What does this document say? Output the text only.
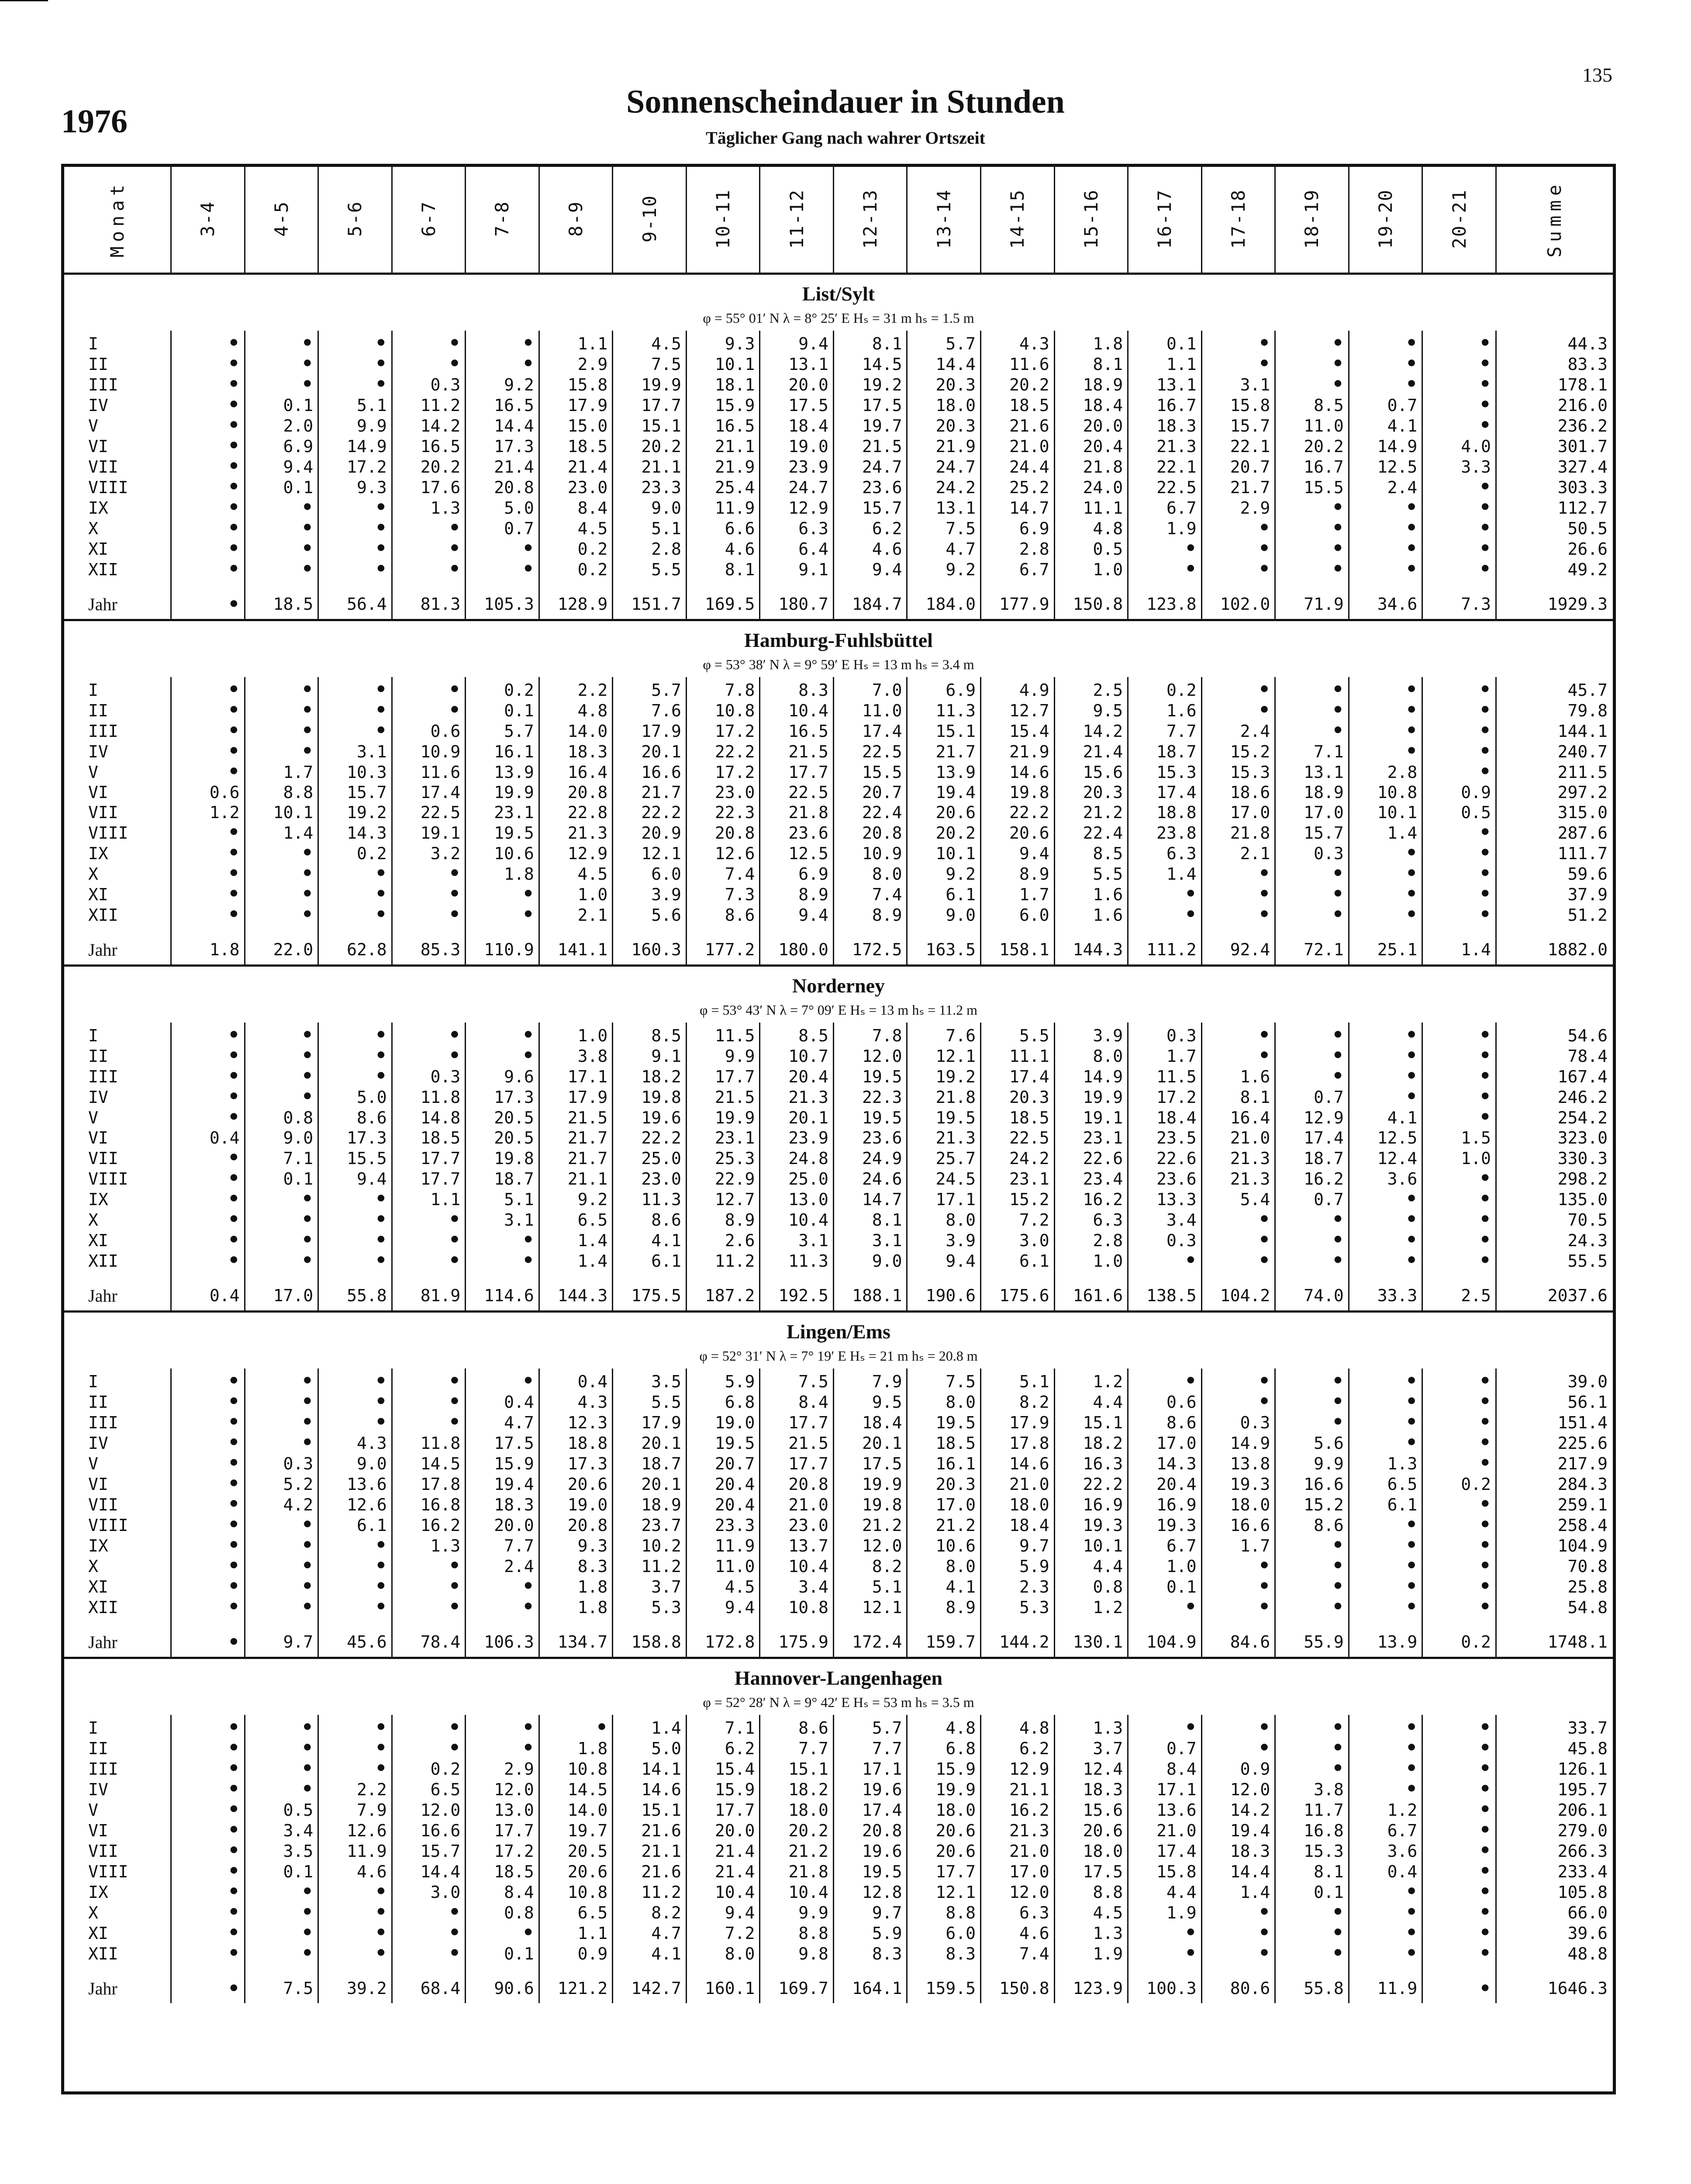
135
1976
Sonnenscheindauer in Stunden
Täglicher Gang nach wahrer Ortszeit
Monat	3-4	4-5	5-6	6-7	7-8	8-9	9-10	10-11	11-12	12-13	13-14	14-15	15-16	16-17	17-18	18-19	19-20	20-21	Summe
List/Sylt																			
φ = 55° 01′ N λ = 8° 25′ E Hₛ = 31 m hₛ = 1.5 m																			
I	•	•	•	•	•	1.1	4.5	9.3	9.4	8.1	5.7	4.3	1.8	0.1	•	•	•	•	44.3
II	•	•	•	•	•	2.9	7.5	10.1	13.1	14.5	14.4	11.6	8.1	1.1	•	•	•	•	83.3
III	•	•	•	0.3	9.2	15.8	19.9	18.1	20.0	19.2	20.3	20.2	18.9	13.1	3.1	•	•	•	178.1
IV	•	0.1	5.1	11.2	16.5	17.9	17.7	15.9	17.5	17.5	18.0	18.5	18.4	16.7	15.8	8.5	0.7	•	216.0
V	•	2.0	9.9	14.2	14.4	15.0	15.1	16.5	18.4	19.7	20.3	21.6	20.0	18.3	15.7	11.0	4.1	•	236.2
VI	•	6.9	14.9	16.5	17.3	18.5	20.2	21.1	19.0	21.5	21.9	21.0	20.4	21.3	22.1	20.2	14.9	4.0	301.7
VII	•	9.4	17.2	20.2	21.4	21.4	21.1	21.9	23.9	24.7	24.7	24.4	21.8	22.1	20.7	16.7	12.5	3.3	327.4
VIII	•	0.1	9.3	17.6	20.8	23.0	23.3	25.4	24.7	23.6	24.2	25.2	24.0	22.5	21.7	15.5	2.4	•	303.3
IX	•	•	•	1.3	5.0	8.4	9.0	11.9	12.9	15.7	13.1	14.7	11.1	6.7	2.9	•	•	•	112.7
X	•	•	•	•	0.7	4.5	5.1	6.6	6.3	6.2	7.5	6.9	4.8	1.9	•	•	•	•	50.5
XI	•	•	•	•	•	0.2	2.8	4.6	6.4	4.6	4.7	2.8	0.5	•	•	•	•	•	26.6
XII	•	•	•	•	•	0.2	5.5	8.1	9.1	9.4	9.2	6.7	1.0	•	•	•	•	•	49.2

Jahr	•	18.5	56.4	81.3	105.3	128.9	151.7	169.5	180.7	184.7	184.0	177.9	150.8	123.8	102.0	71.9	34.6	7.3	1929.3
Hamburg-Fuhlsbüttel																			
φ = 53° 38′ N λ = 9° 59′ E Hₛ = 13 m hₛ = 3.4 m																			
I	•	•	•	•	0.2	2.2	5.7	7.8	8.3	7.0	6.9	4.9	2.5	0.2	•	•	•	•	45.7
II	•	•	•	•	0.1	4.8	7.6	10.8	10.4	11.0	11.3	12.7	9.5	1.6	•	•	•	•	79.8
III	•	•	•	0.6	5.7	14.0	17.9	17.2	16.5	17.4	15.1	15.4	14.2	7.7	2.4	•	•	•	144.1
IV	•	•	3.1	10.9	16.1	18.3	20.1	22.2	21.5	22.5	21.7	21.9	21.4	18.7	15.2	7.1	•	•	240.7
V	•	1.7	10.3	11.6	13.9	16.4	16.6	17.2	17.7	15.5	13.9	14.6	15.6	15.3	15.3	13.1	2.8	•	211.5
VI	0.6	8.8	15.7	17.4	19.9	20.8	21.7	23.0	22.5	20.7	19.4	19.8	20.3	17.4	18.6	18.9	10.8	0.9	297.2
VII	1.2	10.1	19.2	22.5	23.1	22.8	22.2	22.3	21.8	22.4	20.6	22.2	21.2	18.8	17.0	17.0	10.1	0.5	315.0
VIII	•	1.4	14.3	19.1	19.5	21.3	20.9	20.8	23.6	20.8	20.2	20.6	22.4	23.8	21.8	15.7	1.4	•	287.6
IX	•	•	0.2	3.2	10.6	12.9	12.1	12.6	12.5	10.9	10.1	9.4	8.5	6.3	2.1	0.3	•	•	111.7
X	•	•	•	•	1.8	4.5	6.0	7.4	6.9	8.0	9.2	8.9	5.5	1.4	•	•	•	•	59.6
XI	•	•	•	•	•	1.0	3.9	7.3	8.9	7.4	6.1	1.7	1.6	•	•	•	•	•	37.9
XII	•	•	•	•	•	2.1	5.6	8.6	9.4	8.9	9.0	6.0	1.6	•	•	•	•	•	51.2

Jahr	1.8	22.0	62.8	85.3	110.9	141.1	160.3	177.2	180.0	172.5	163.5	158.1	144.3	111.2	92.4	72.1	25.1	1.4	1882.0
Norderney																			
φ = 53° 43′ N λ = 7° 09′ E Hₛ = 13 m hₛ = 11.2 m																			
I	•	•	•	•	•	1.0	8.5	11.5	8.5	7.8	7.6	5.5	3.9	0.3	•	•	•	•	54.6
II	•	•	•	•	•	3.8	9.1	9.9	10.7	12.0	12.1	11.1	8.0	1.7	•	•	•	•	78.4
III	•	•	•	0.3	9.6	17.1	18.2	17.7	20.4	19.5	19.2	17.4	14.9	11.5	1.6	•	•	•	167.4
IV	•	•	5.0	11.8	17.3	17.9	19.8	21.5	21.3	22.3	21.8	20.3	19.9	17.2	8.1	0.7	•	•	246.2
V	•	0.8	8.6	14.8	20.5	21.5	19.6	19.9	20.1	19.5	19.5	18.5	19.1	18.4	16.4	12.9	4.1	•	254.2
VI	0.4	9.0	17.3	18.5	20.5	21.7	22.2	23.1	23.9	23.6	21.3	22.5	23.1	23.5	21.0	17.4	12.5	1.5	323.0
VII	•	7.1	15.5	17.7	19.8	21.7	25.0	25.3	24.8	24.9	25.7	24.2	22.6	22.6	21.3	18.7	12.4	1.0	330.3
VIII	•	0.1	9.4	17.7	18.7	21.1	23.0	22.9	25.0	24.6	24.5	23.1	23.4	23.6	21.3	16.2	3.6	•	298.2
IX	•	•	•	1.1	5.1	9.2	11.3	12.7	13.0	14.7	17.1	15.2	16.2	13.3	5.4	0.7	•	•	135.0
X	•	•	•	•	3.1	6.5	8.6	8.9	10.4	8.1	8.0	7.2	6.3	3.4	•	•	•	•	70.5
XI	•	•	•	•	•	1.4	4.1	2.6	3.1	3.1	3.9	3.0	2.8	0.3	•	•	•	•	24.3
XII	•	•	•	•	•	1.4	6.1	11.2	11.3	9.0	9.4	6.1	1.0	•	•	•	•	•	55.5

Jahr	0.4	17.0	55.8	81.9	114.6	144.3	175.5	187.2	192.5	188.1	190.6	175.6	161.6	138.5	104.2	74.0	33.3	2.5	2037.6
Lingen/Ems																			
φ = 52° 31′ N λ = 7° 19′ E Hₛ = 21 m hₛ = 20.8 m																			
I	•	•	•	•	•	0.4	3.5	5.9	7.5	7.9	7.5	5.1	1.2	•	•	•	•	•	39.0
II	•	•	•	•	0.4	4.3	5.5	6.8	8.4	9.5	8.0	8.2	4.4	0.6	•	•	•	•	56.1
III	•	•	•	•	4.7	12.3	17.9	19.0	17.7	18.4	19.5	17.9	15.1	8.6	0.3	•	•	•	151.4
IV	•	•	4.3	11.8	17.5	18.8	20.1	19.5	21.5	20.1	18.5	17.8	18.2	17.0	14.9	5.6	•	•	225.6
V	•	0.3	9.0	14.5	15.9	17.3	18.7	20.7	17.7	17.5	16.1	14.6	16.3	14.3	13.8	9.9	1.3	•	217.9
VI	•	5.2	13.6	17.8	19.4	20.6	20.1	20.4	20.8	19.9	20.3	21.0	22.2	20.4	19.3	16.6	6.5	0.2	284.3
VII	•	4.2	12.6	16.8	18.3	19.0	18.9	20.4	21.0	19.8	17.0	18.0	16.9	16.9	18.0	15.2	6.1	•	259.1
VIII	•	•	6.1	16.2	20.0	20.8	23.7	23.3	23.0	21.2	21.2	18.4	19.3	19.3	16.6	8.6	•	•	258.4
IX	•	•	•	1.3	7.7	9.3	10.2	11.9	13.7	12.0	10.6	9.7	10.1	6.7	1.7	•	•	•	104.9
X	•	•	•	•	2.4	8.3	11.2	11.0	10.4	8.2	8.0	5.9	4.4	1.0	•	•	•	•	70.8
XI	•	•	•	•	•	1.8	3.7	4.5	3.4	5.1	4.1	2.3	0.8	0.1	•	•	•	•	25.8
XII	•	•	•	•	•	1.8	5.3	9.4	10.8	12.1	8.9	5.3	1.2	•	•	•	•	•	54.8

Jahr	•	9.7	45.6	78.4	106.3	134.7	158.8	172.8	175.9	172.4	159.7	144.2	130.1	104.9	84.6	55.9	13.9	0.2	1748.1
Hannover-Langenhagen																			
φ = 52° 28′ N λ = 9° 42′ E Hₛ = 53 m hₛ = 3.5 m																			
I	•	•	•	•	•	•	1.4	7.1	8.6	5.7	4.8	4.8	1.3	•	•	•	•	•	33.7
II	•	•	•	•	•	1.8	5.0	6.2	7.7	7.7	6.8	6.2	3.7	0.7	•	•	•	•	45.8
III	•	•	•	0.2	2.9	10.8	14.1	15.4	15.1	17.1	15.9	12.9	12.4	8.4	0.9	•	•	•	126.1
IV	•	•	2.2	6.5	12.0	14.5	14.6	15.9	18.2	19.6	19.9	21.1	18.3	17.1	12.0	3.8	•	•	195.7
V	•	0.5	7.9	12.0	13.0	14.0	15.1	17.7	18.0	17.4	18.0	16.2	15.6	13.6	14.2	11.7	1.2	•	206.1
VI	•	3.4	12.6	16.6	17.7	19.7	21.6	20.0	20.2	20.8	20.6	21.3	20.6	21.0	19.4	16.8	6.7	•	279.0
VII	•	3.5	11.9	15.7	17.2	20.5	21.1	21.4	21.2	19.6	20.6	21.0	18.0	17.4	18.3	15.3	3.6	•	266.3
VIII	•	0.1	4.6	14.4	18.5	20.6	21.6	21.4	21.8	19.5	17.7	17.0	17.5	15.8	14.4	8.1	0.4	•	233.4
IX	•	•	•	3.0	8.4	10.8	11.2	10.4	10.4	12.8	12.1	12.0	8.8	4.4	1.4	0.1	•	•	105.8
X	•	•	•	•	0.8	6.5	8.2	9.4	9.9	9.7	8.8	6.3	4.5	1.9	•	•	•	•	66.0
XI	•	•	•	•	•	1.1	4.7	7.2	8.8	5.9	6.0	4.6	1.3	•	•	•	•	•	39.6
XII	•	•	•	•	0.1	0.9	4.1	8.0	9.8	8.3	8.3	7.4	1.9	•	•	•	•	•	48.8

Jahr	•	7.5	39.2	68.4	90.6	121.2	142.7	160.1	169.7	164.1	159.5	150.8	123.9	100.3	80.6	55.8	11.9	•	1646.3
